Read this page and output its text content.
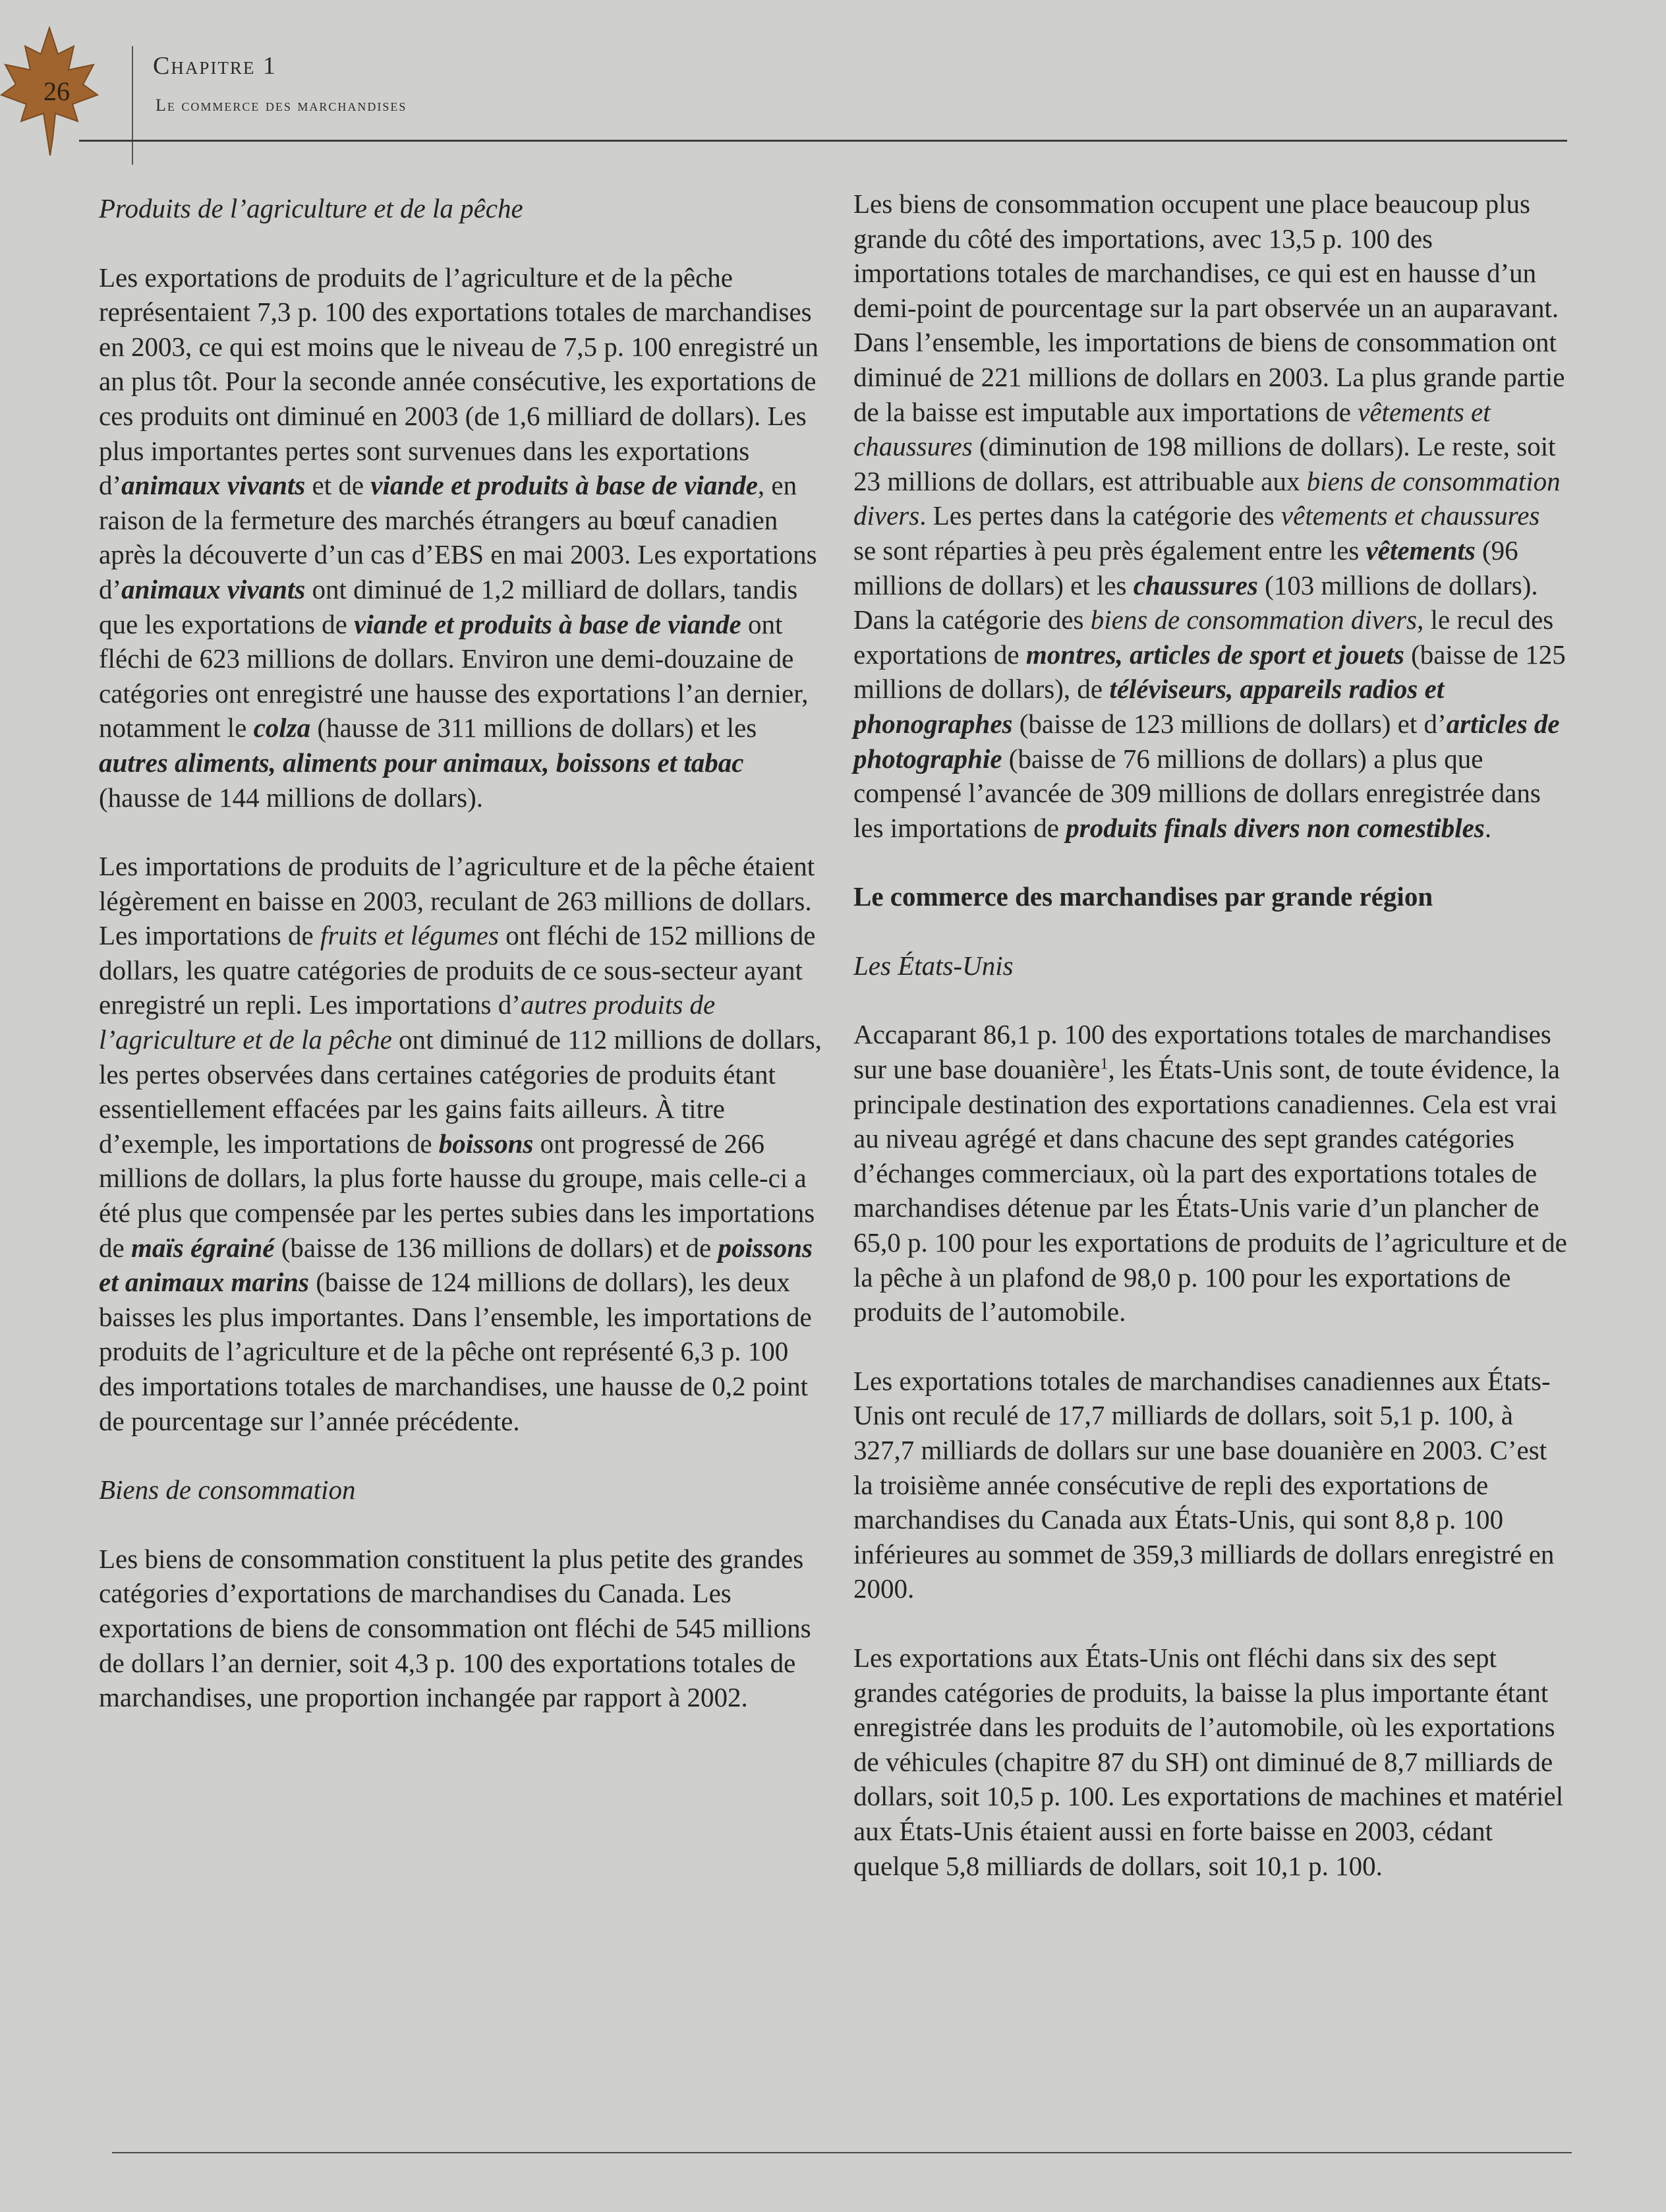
26
Chapitre 1
Le commerce des marchandises
Produits de l’agriculture et de la pêche

Les exportations de produits de l’agriculture et de la pêche représentaient 7,3 p. 100 des exportations totales de marchandises en 2003, ce qui est moins que le niveau de 7,5 p. 100 enregistré un an plus tôt. Pour la seconde année consécutive, les exportations de ces produits ont diminué en 2003 (de 1,6 milliard de dollars). Les plus importantes pertes sont survenues dans les exportations d’animaux vivants et de viande et produits à base de viande, en raison de la fermeture des marchés étrangers au bœuf canadien après la découverte d’un cas d’EBS en mai 2003. Les exportations d’animaux vivants ont diminué de 1,2 milliard de dollars, tandis que les exportations de viande et produits à base de viande ont fléchi de 623 millions de dollars. Environ une demi-douzaine de catégories ont enregistré une hausse des exportations l’an dernier, notamment le colza (hausse de 311 millions de dollars) et les autres aliments, aliments pour animaux, boissons et tabac (hausse de 144 millions de dollars).

Les importations de produits de l’agriculture et de la pêche étaient légèrement en baisse en 2003, reculant de 263 millions de dollars. Les importations de fruits et légumes ont fléchi de 152 millions de dollars, les quatre catégories de produits de ce sous-secteur ayant enregistré un repli. Les importations d’autres produits de l’agriculture et de la pêche ont diminué de 112 millions de dollars, les pertes observées dans certaines catégories de produits étant essentiellement effacées par les gains faits ailleurs. À titre d’exemple, les importations de boissons ont progressé de 266 millions de dollars, la plus forte hausse du groupe, mais celle-ci a été plus que compensée par les pertes subies dans les importations de maïs égrainé (baisse de 136 millions de dollars) et de poissons et animaux marins (baisse de 124 millions de dollars), les deux baisses les plus importantes. Dans l’ensemble, les importations de produits de l’agriculture et de la pêche ont représenté 6,3 p. 100 des importations totales de marchandises, une hausse de 0,2 point de pourcentage sur l’année précédente.

Biens de consommation

Les biens de consommation constituent la plus petite des grandes catégories d’exportations de marchandises du Canada. Les exportations de biens de consommation ont fléchi de 545 millions de dollars l’an dernier, soit 4,3 p. 100 des exportations totales de marchandises, une proportion inchangée par rapport à 2002.

Les biens de consommation occupent une place beaucoup plus grande du côté des importations, avec 13,5 p. 100 des importations totales de marchandises, ce qui est en hausse d’un demi-point de pourcentage sur la part observée un an auparavant. Dans l’ensemble, les importations de biens de consommation ont diminué de 221 millions de dollars en 2003. La plus grande partie de la baisse est imputable aux importations de vêtements et chaussures (diminution de 198 millions de dollars). Le reste, soit 23 millions de dollars, est attribuable aux biens de consommation divers. Les pertes dans la catégorie des vêtements et chaussures se sont réparties à peu près également entre les vêtements (96 millions de dollars) et les chaussures (103 millions de dollars). Dans la catégorie des biens de consommation divers, le recul des exportations de montres, articles de sport et jouets (baisse de 125 millions de dollars), de téléviseurs, appareils radios et phonographes (baisse de 123 millions de dollars) et d’articles de photographie (baisse de 76 millions de dollars) a plus que compensé l’avancée de 309 millions de dollars enregistrée dans les importations de produits finals divers non comestibles.

Le commerce des marchandises par grande région
Les États-Unis

Accaparant 86,1 p. 100 des exportations totales de marchandises sur une base douanière$^1$, les États-Unis sont, de toute évidence, la principale destination des exportations canadiennes. Cela est vrai au niveau agrégé et dans chacune des sept grandes catégories d’échanges commerciaux, où la part des exportations totales de marchandises détenue par les États-Unis varie d’un plancher de 65,0 p. 100 pour les exportations de produits de l’agriculture et de la pêche à un plafond de 98,0 p. 100 pour les exportations de produits de l’automobile.

Les exportations totales de marchandises canadiennes aux États-Unis ont reculé de 17,7 milliards de dollars, soit 5,1 p. 100, à 327,7 milliards de dollars sur une base douanière en 2003. C’est la troisième année consécutive de repli des exportations de marchandises du Canada aux États-Unis, qui sont 8,8 p. 100 inférieures au sommet de 359,3 milliards de dollars enregistré en 2000.

Les exportations aux États-Unis ont fléchi dans six des sept grandes catégories de produits, la baisse la plus importante étant enregistrée dans les produits de l’automobile, où les exportations de véhicules (chapitre 87 du SH) ont diminué de 8,7 milliards de dollars, soit 10,5 p. 100. Les exportations de machines et matériel aux États-Unis étaient aussi en forte baisse en 2003, cédant quelque 5,8 milliards de dollars, soit 10,1 p. 100.
